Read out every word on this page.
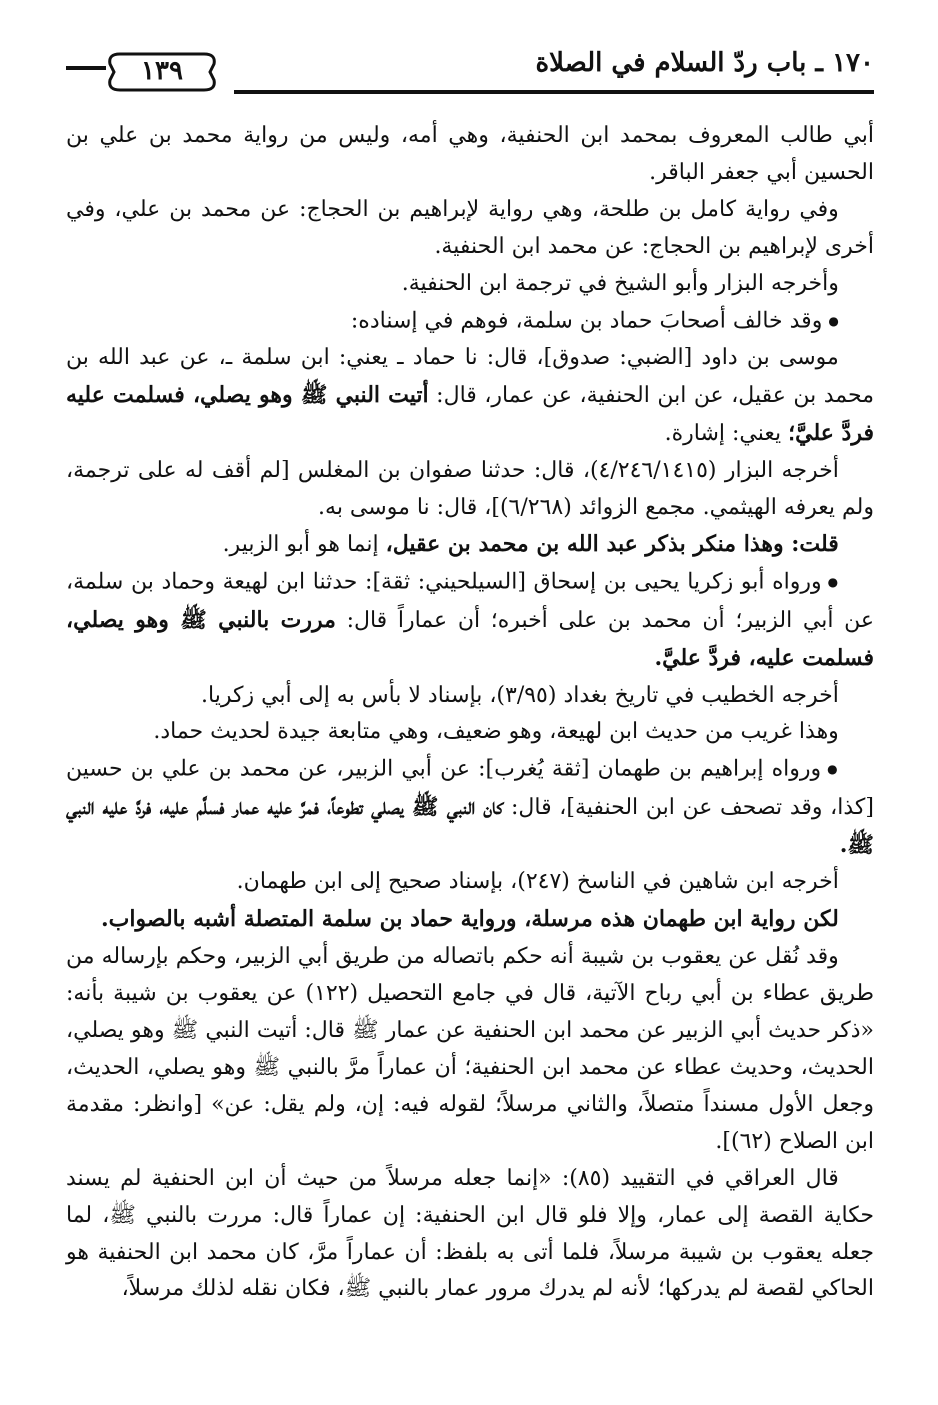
١٧٠ ـ باب ردّ السلام في الصلاة
١٣٩

أبي طالب المعروف بمحمد ابن الحنفية، وهي أمه، وليس من رواية محمد بن علي بن الحسين أبي جعفر الباقر.

وفي رواية كامل بن طلحة، وهي رواية لإبراهيم بن الحجاج: عن محمد بن علي، وفي أخرى لإبراهيم بن الحجاج: عن محمد ابن الحنفية.

وأخرجه البزار وأبو الشيخ في ترجمة ابن الحنفية.

● وقد خالف أصحابَ حماد بن سلمة، فوهم في إسناده:

موسى بن داود [الضبي: صدوق]، قال: نا حماد ـ يعني: ابن سلمة ـ، عن عبد الله بن محمد بن عقيل، عن ابن الحنفية، عن عمار، قال: أتيت النبي ﷺ وهو يصلي، فسلمت عليه فردَّ عليَّ؛ يعني: إشارة.

أخرجه البزار (٤/٢٤٦/١٤١٥)، قال: حدثنا صفوان بن المغلس [لم أقف له على ترجمة، ولم يعرفه الهيثمي. مجمع الزوائد (٦/٢٦٨)]، قال: نا موسى به.

قلت: وهذا منكر بذكر عبد الله بن محمد بن عقيل، إنما هو أبو الزبير.

● ورواه أبو زكريا يحيى بن إسحاق [السيلحيني: ثقة]: حدثنا ابن لهيعة وحماد بن سلمة، عن أبي الزبير؛ أن محمد بن على أخبره؛ أن عماراً قال: مررت بالنبي ﷺ وهو يصلي، فسلمت عليه، فردَّ عليَّ.

أخرجه الخطيب في تاريخ بغداد (٣/٩٥)، بإسناد لا بأس به إلى أبي زكريا.

وهذا غريب من حديث ابن لهيعة، وهو ضعيف، وهي متابعة جيدة لحديث حماد.

● ورواه إبراهيم بن طهمان [ثقة يُغرب]: عن أبي الزبير، عن محمد بن علي بن حسين [كذا، وقد تصحف عن ابن الحنفية]، قال: كان النبي ﷺ يصلي تطوعاً، فمرَّ عليه عمار فسلَّم عليه، فردَّ عليه النبي ﷺ.

أخرجه ابن شاهين في الناسخ (٢٤٧)، بإسناد صحيح إلى ابن طهمان.

لكن رواية ابن طهمان هذه مرسلة، ورواية حماد بن سلمة المتصلة أشبه بالصواب.

وقد نُقل عن يعقوب بن شيبة أنه حكم باتصاله من طريق أبي الزبير، وحكم بإرساله من طريق عطاء بن أبي رباح الآتية، قال في جامع التحصيل (١٢٢) عن يعقوب بن شيبة بأنه: «ذكر حديث أبي الزبير عن محمد ابن الحنفية عن عمار ﷺ قال: أتيت النبي ﷺ وهو يصلي، الحديث، وحديث عطاء عن محمد ابن الحنفية؛ أن عماراً مرَّ بالنبي ﷺ وهو يصلي، الحديث، وجعل الأول مسنداً متصلاً، والثاني مرسلاً؛ لقوله فيه: إن، ولم يقل: عن» [وانظر: مقدمة ابن الصلاح (٦٢)].

قال العراقي في التقييد (٨٥): «إنما جعله مرسلاً من حيث أن ابن الحنفية لم يسند حكاية القصة إلى عمار، وإلا فلو قال ابن الحنفية: إن عماراً قال: مررت بالنبي ﷺ، لما جعله يعقوب بن شيبة مرسلاً، فلما أتى به بلفظ: أن عماراً مرَّ، كان محمد ابن الحنفية هو الحاكي لقصة لم يدركها؛ لأنه لم يدرك مرور عمار بالنبي ﷺ، فكان نقله لذلك مرسلاً،
